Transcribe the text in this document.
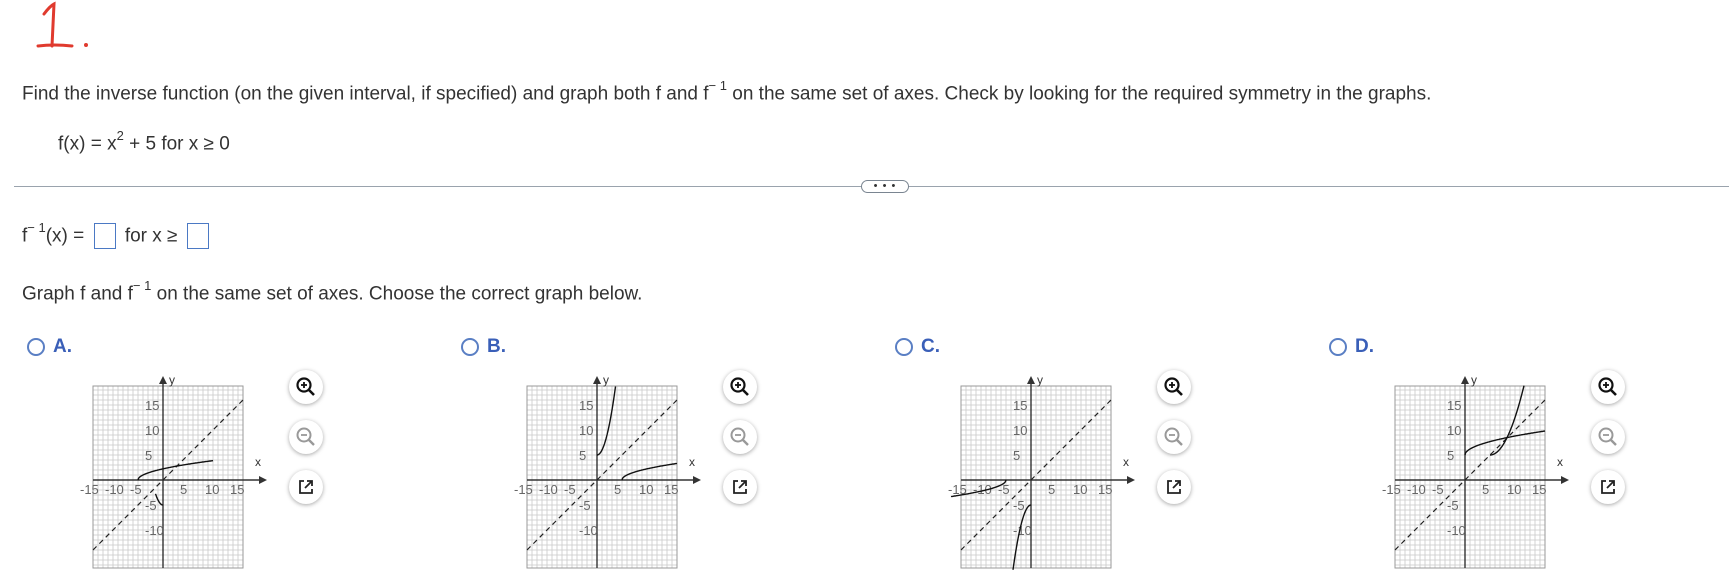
Find the inverse function (on the given interval, if specified) and graph both f and $f^{- 1}$ on the same set of axes. Check by looking for the required symmetry in the graphs.
$f(x) = x^2 + 5$ for x ≥ 0
• • •
$f^{- 1}(x)$ = for x ≥
Graph f and $f^{- 1}$ on the same set of axes. Choose the correct graph below.
A.
x
y
-15 -10 -5	5 10 15
15
10
5
-5
-10
B.
x
y
-15 -10 -5	5 10 15
15
10
5
-5
-10
C.
x
y
-15 -10 -5	5 10 15
15
10
5
-5
-10
D.
x
y
-15 -10 -5	5 10 15
15
10
5
-5
-10
